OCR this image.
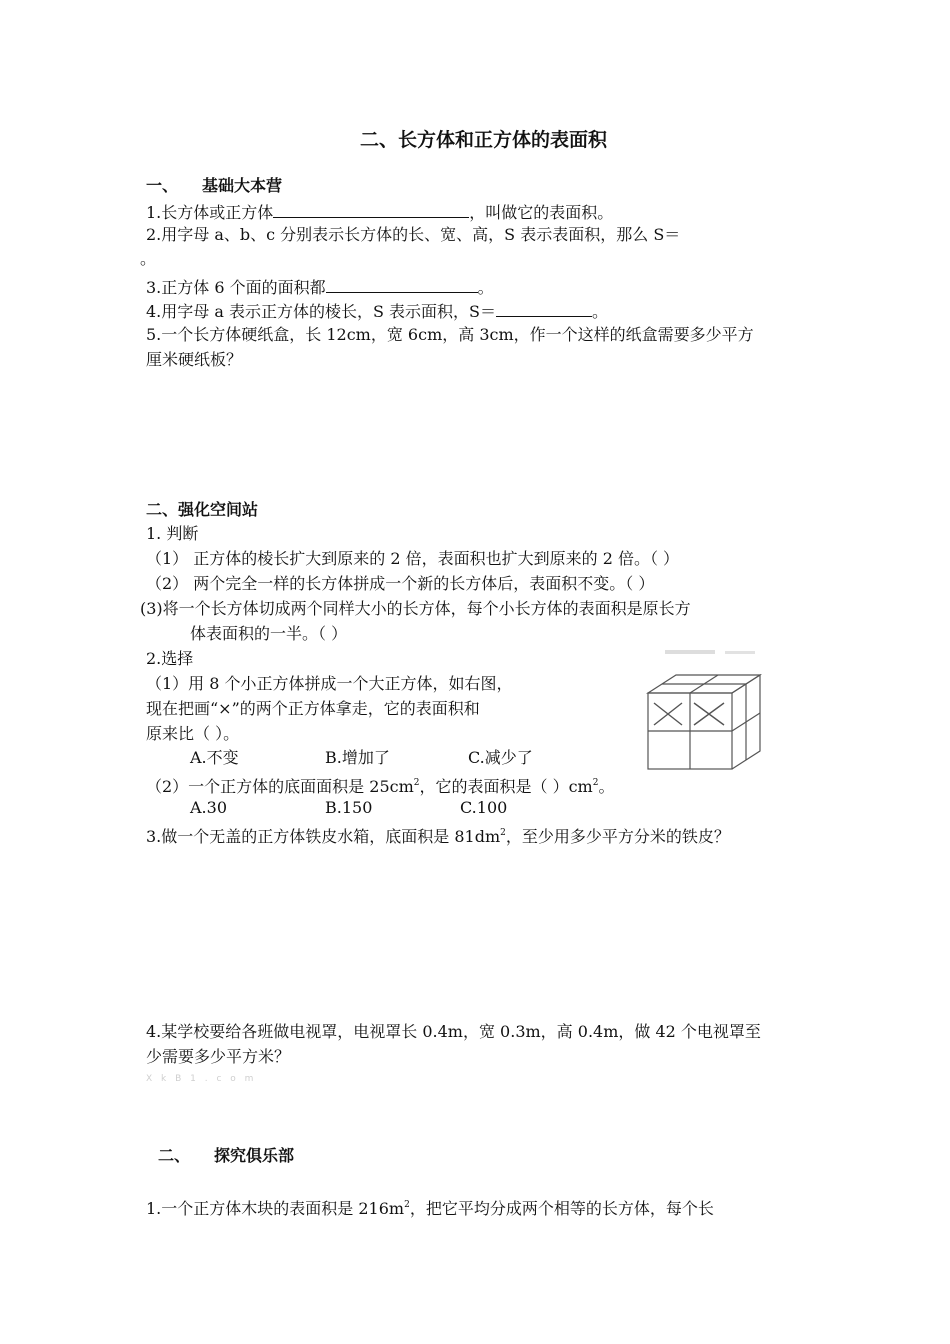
二、长方体和正方体的表面积
一、 基础大本营
1.长方体或正方体	，叫做它的表面积。
2.用字母 a、b、c 分别表示长方体的长、宽、高，S 表示表面积，那么 S＝
。
3.正方体 6 个面的面积都	。
4.用字母 a 表示正方体的棱长，S 表示面积，S＝	。
5.一个长方体硬纸盒，长 12cm，宽 6cm，高 3cm，作一个这样的纸盒需要多少平方
厘米硬纸板？
二、强化空间站
1. 判断
（1） 正方体的棱长扩大到原来的 2 倍，表面积也扩大到原来的 2 倍。（ ）
（2） 两个完全一样的长方体拼成一个新的长方体后，表面积不变。（ ）
(3)将一个长方体切成两个同样大小的长方体，每个小长方体的表面积是原长方
体表面积的一半。（ ）
2.选择
（1）用 8 个小正方体拼成一个大正方体，如右图，
现在把画“×”的两个正方体拿走，它的表面积和
原来比（ ）。
A.不变	B.增加了	C.减少了
（2）一个正方体的底面面积是 $25cm^2$，它的表面积是（ ）$cm^2$。
A.30	B.150	C.100
3.做一个无盖的正方体铁皮水箱，底面积是 $81dm^2$，至少用多少平方分米的铁皮？
4.某学校要给各班做电视罩，电视罩长 0.4m，宽 0.3m，高 0.4m，做 42 个电视罩至
少需要多少平方米？
X k B 1 . c o m
二、 探究俱乐部
1.一个正方体木块的表面积是 $216m^2$，把它平均分成两个相等的长方体，每个长
